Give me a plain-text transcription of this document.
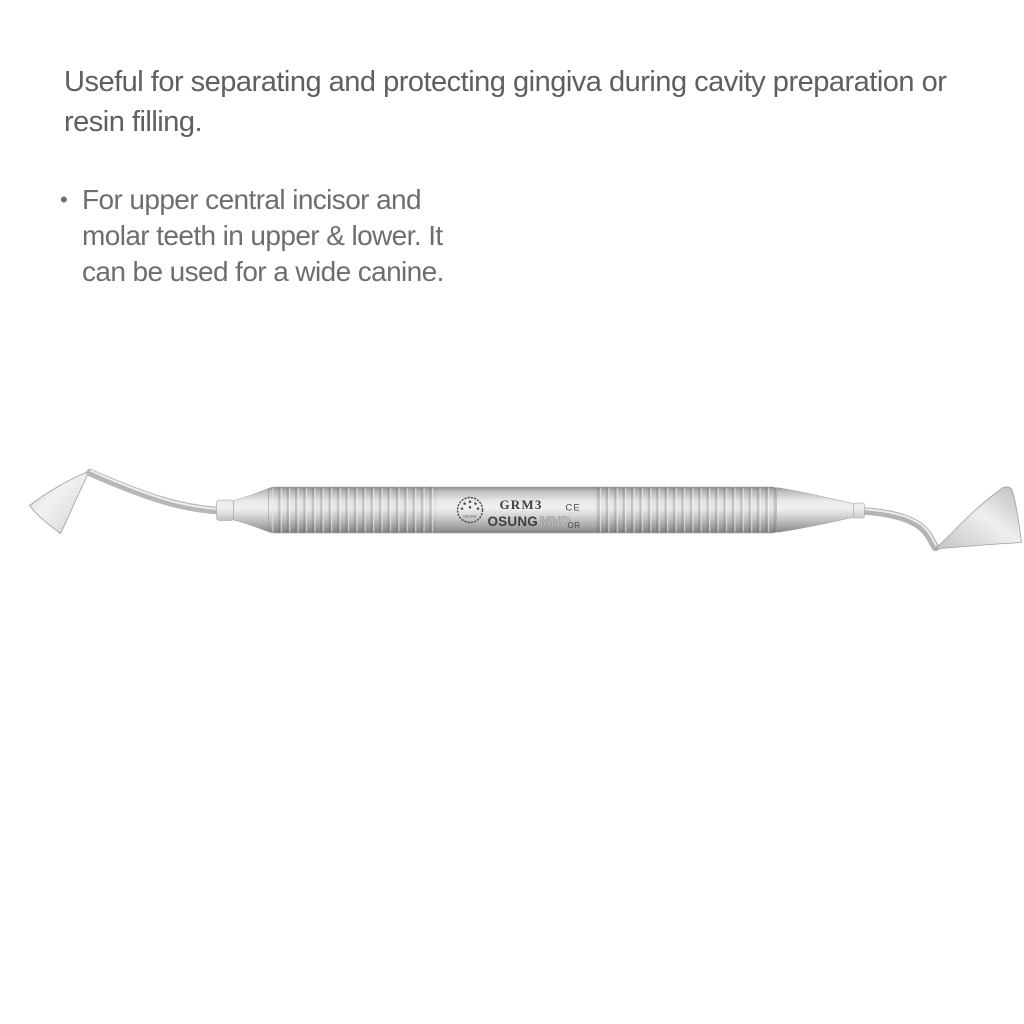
Useful for separating and protecting gingiva during cavity preparation or resin filling.

• For upper central incisor and molar teeth in upper & lower. It can be used for a wide canine.
OSUNG
GRM3
OSUNG MND
CE
OR
